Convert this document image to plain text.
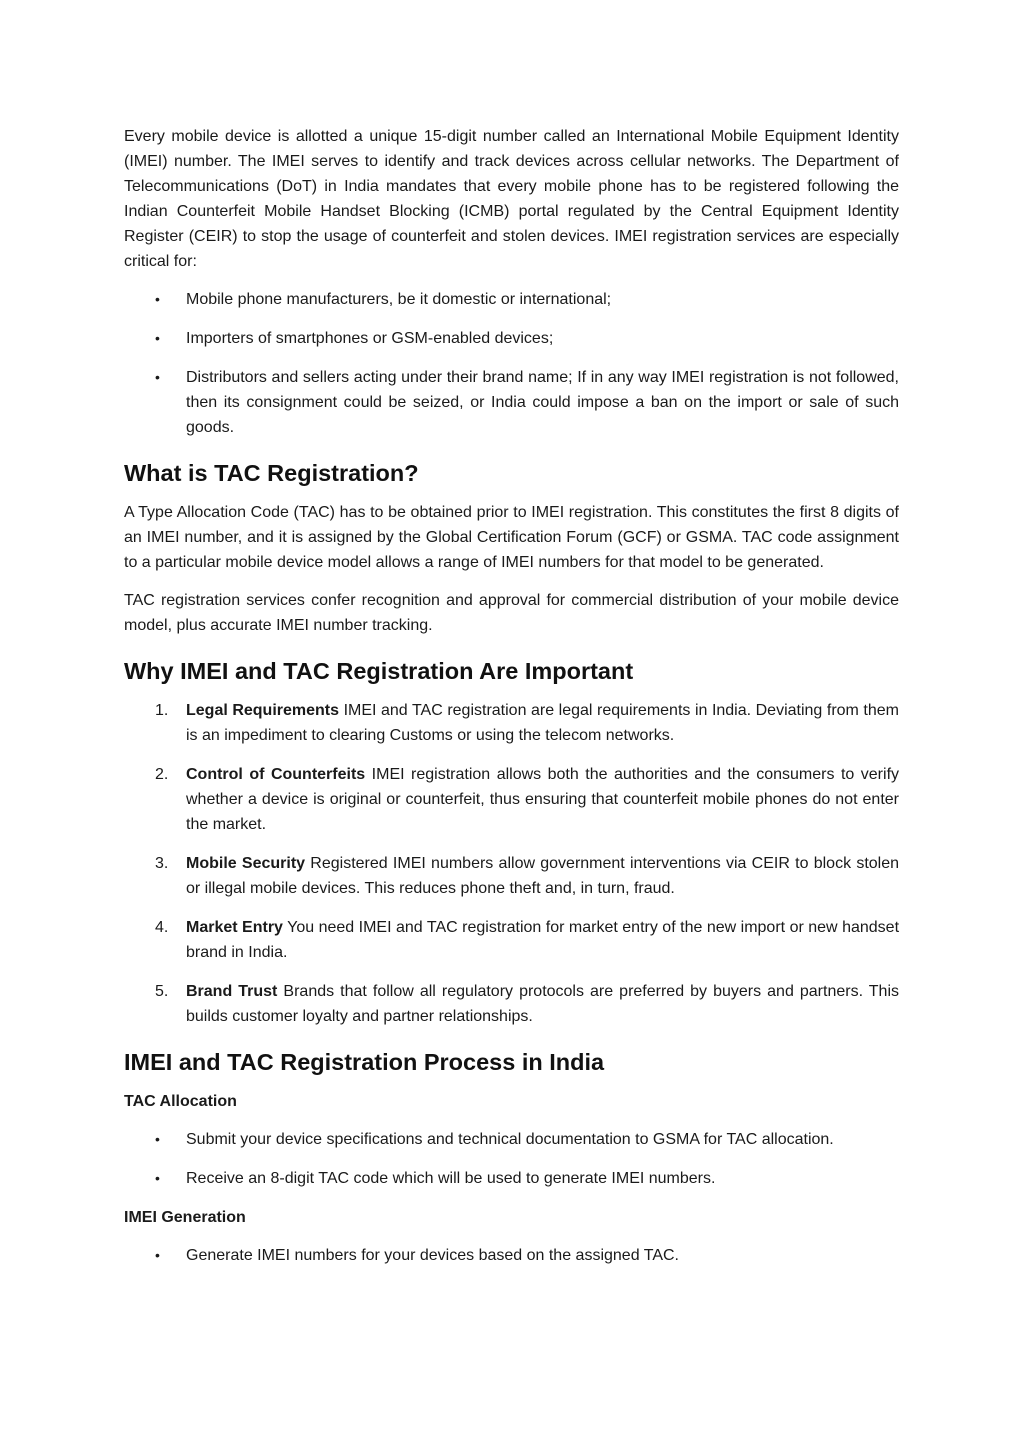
Every mobile device is allotted a unique 15-digit number called an International Mobile Equipment Identity (IMEI) number. The IMEI serves to identify and track devices across cellular networks. The Department of Telecommunications (DoT) in India mandates that every mobile phone has to be registered following the Indian Counterfeit Mobile Handset Blocking (ICMB) portal regulated by the Central Equipment Identity Register (CEIR) to stop the usage of counterfeit and stolen devices. IMEI registration services are especially critical for:

• Mobile phone manufacturers, be it domestic or international;
• Importers of smartphones or GSM-enabled devices;
• Distributors and sellers acting under their brand name; If in any way IMEI registration is not followed, then its consignment could be seized, or India could impose a ban on the import or sale of such goods.
What is TAC Registration?

A Type Allocation Code (TAC) has to be obtained prior to IMEI registration. This constitutes the first 8 digits of an IMEI number, and it is assigned by the Global Certification Forum (GCF) or GSMA. TAC code assignment to a particular mobile device model allows a range of IMEI numbers for that model to be generated.

TAC registration services confer recognition and approval for commercial distribution of your mobile device model, plus accurate IMEI number tracking.

Why IMEI and TAC Registration Are Important
1. Legal Requirements IMEI and TAC registration are legal requirements in India. Deviating from them is an impediment to clearing Customs or using the telecom networks.
2. Control of Counterfeits IMEI registration allows both the authorities and the consumers to verify whether a device is original or counterfeit, thus ensuring that counterfeit mobile phones do not enter the market.
3. Mobile Security Registered IMEI numbers allow government interventions via CEIR to block stolen or illegal mobile devices. This reduces phone theft and, in turn, fraud.
4. Market Entry You need IMEI and TAC registration for market entry of the new import or new handset brand in India.
5. Brand Trust Brands that follow all regulatory protocols are preferred by buyers and partners. This builds customer loyalty and partner relationships.
IMEI and TAC Registration Process in India
TAC Allocation
• Submit your device specifications and technical documentation to GSMA for TAC allocation.
• Receive an 8-digit TAC code which will be used to generate IMEI numbers.
IMEI Generation
• Generate IMEI numbers for your devices based on the assigned TAC.
